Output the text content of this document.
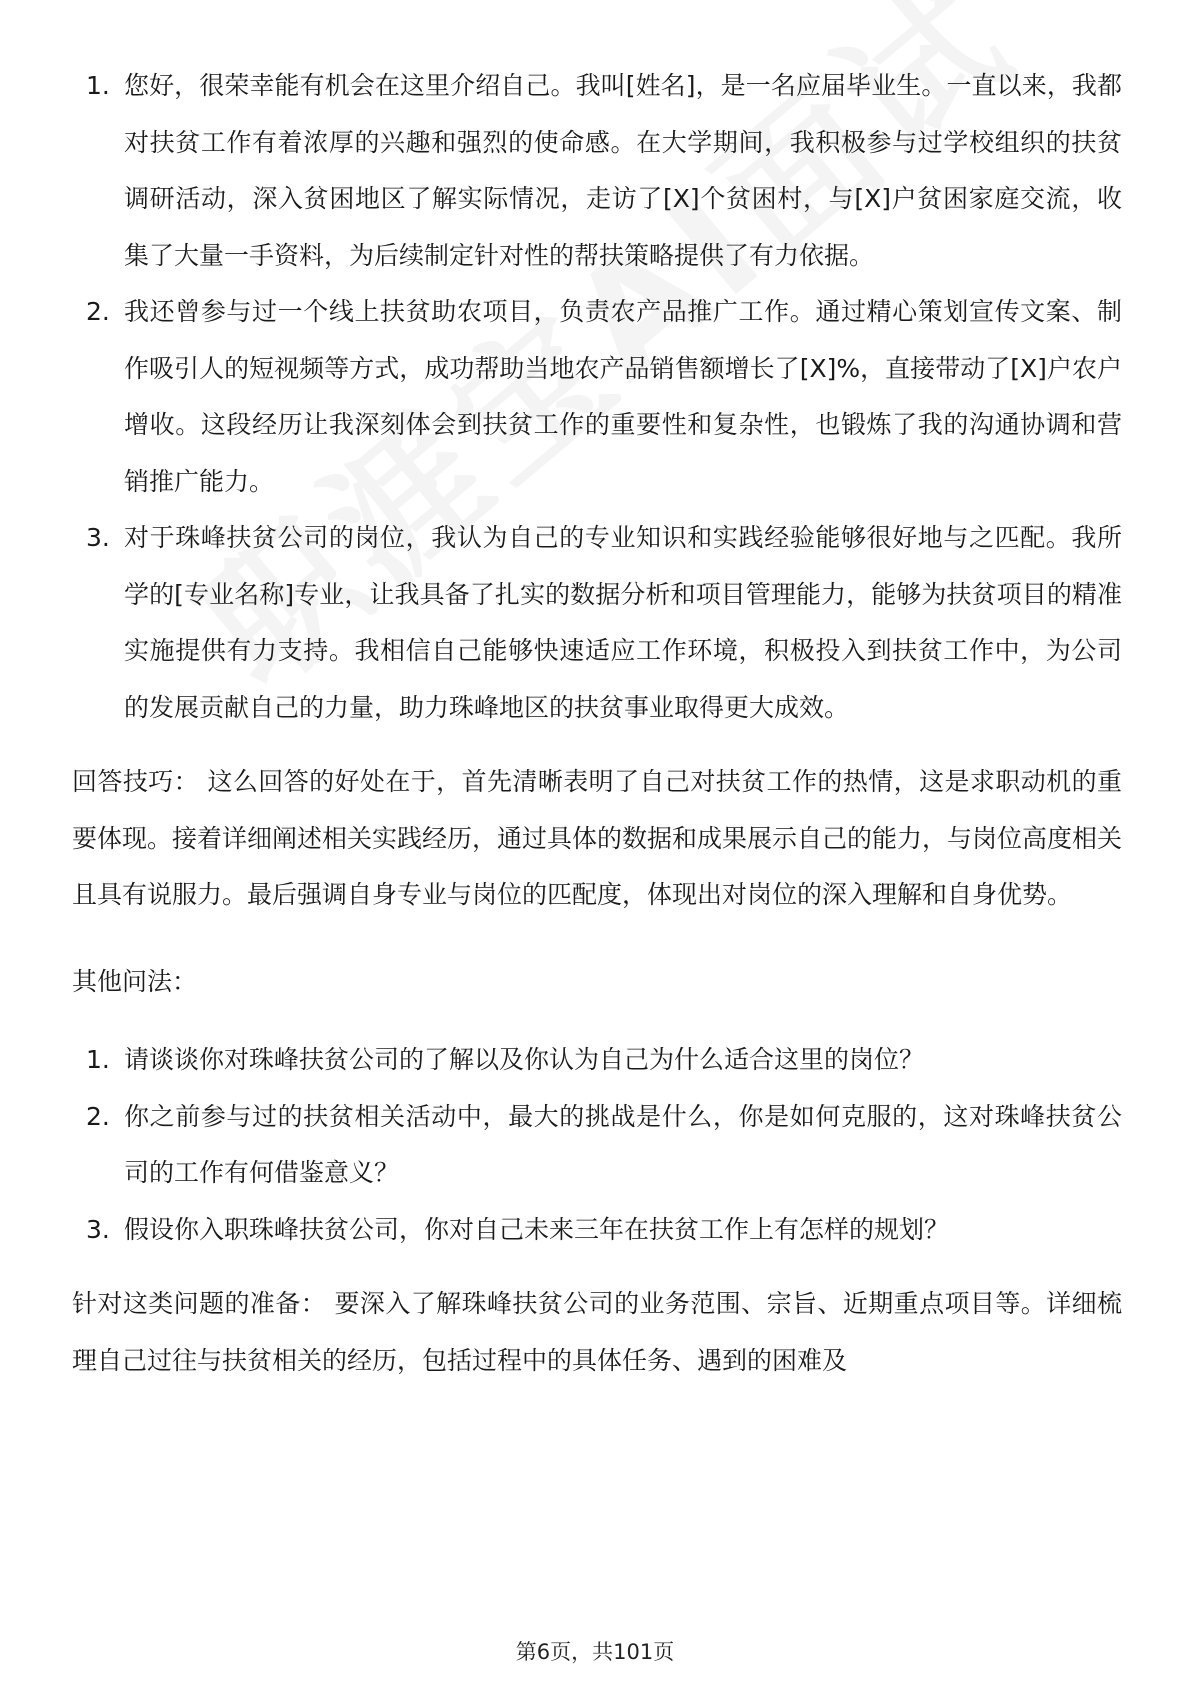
1. 您好，很荣幸能有机会在这里介绍自己。我叫[姓名]，是一名应届毕业生。一直以来，我都对扶贫工作有着浓厚的兴趣和强烈的使命感。在大学期间，我积极参与过学校组织的扶贫调研活动，深入贫困地区了解实际情况，走访了[X]个贫困村，与[X]户贫困家庭交流，收集了大量一手资料，为后续制定针对性的帮扶策略提供了有力依据。
2. 我还曾参与过一个线上扶贫助农项目，负责农产品推广工作。通过精心策划宣传文案、制作吸引人的短视频等方式，成功帮助当地农产品销售额增长了[X]%，直接带动了[X]户农户增收。这段经历让我深刻体会到扶贫工作的重要性和复杂性，也锻炼了我的沟通协调和营销推广能力。
3. 对于珠峰扶贫公司的岗位，我认为自己的专业知识和实践经验能够很好地与之匹配。我所学的[专业名称]专业，让我具备了扎实的数据分析和项目管理能力，能够为扶贫项目的精准实施提供有力支持。我相信自己能够快速适应工作环境，积极投入到扶贫工作中，为公司的发展贡献自己的力量，助力珠峰地区的扶贫事业取得更大成效。

回答技巧： 这么回答的好处在于，首先清晰表明了自己对扶贫工作的热情，这是求职动机的重要体现。接着详细阐述相关实践经历，通过具体的数据和成果展示自己的能力，与岗位高度相关且具有说服力。最后强调自身专业与岗位的匹配度，体现出对岗位的深入理解和自身优势。

其他问法：

1. 请谈谈你对珠峰扶贫公司的了解以及你认为自己为什么适合这里的岗位？
2. 你之前参与过的扶贫相关活动中，最大的挑战是什么，你是如何克服的，这对珠峰扶贫公司的工作有何借鉴意义？
3. 假设你入职珠峰扶贫公司，你对自己未来三年在扶贫工作上有怎样的规划？

针对这类问题的准备： 要深入了解珠峰扶贫公司的业务范围、宗旨、近期重点项目等。详细梳理自己过往与扶贫相关的经历，包括过程中的具体任务、遇到的困难及

第6页，共101页
